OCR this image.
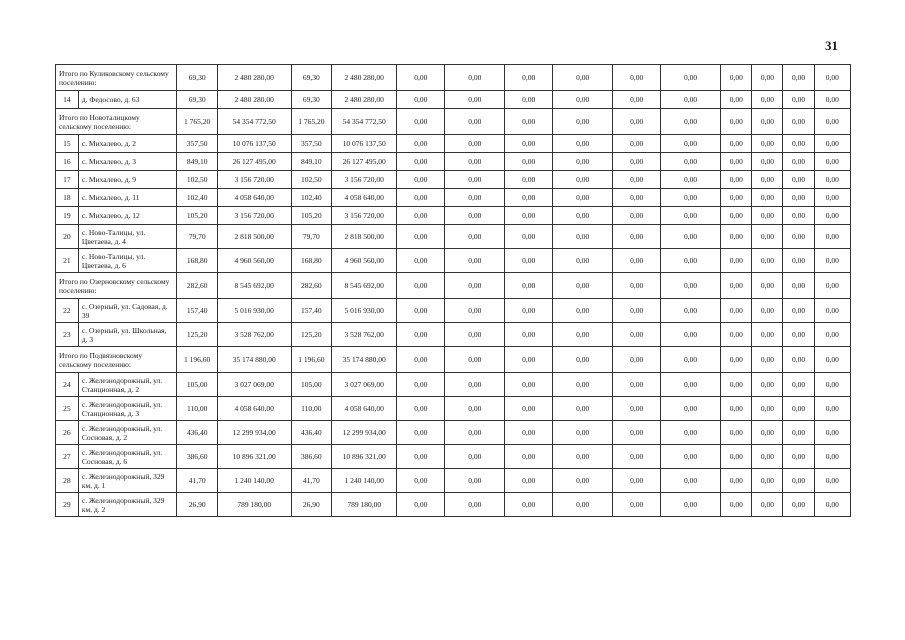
31
Итого по Куликовскому сельскому поселению:		69,30	2 480 280,00	69,30	2 480 280,00	0,00	0,00	0,00	0,00	0,00	0,00	0,00	0,00	0,00	0,00
14	д. Федосово, д. 63	69,30	2 480 280,00	69,30	2 480 280,00	0,00	0,00	0,00	0,00	0,00	0,00	0,00	0,00	0,00	0,00
Итого по Новоталицкому сельскому поселению:		1 765,20	54 354 772,50	1 765,20	54 354 772,50	0,00	0,00	0,00	0,00	0,00	0,00	0,00	0,00	0,00	0,00
15	с. Михалево, д. 2	357,50	10 076 137,50	357,50	10 076 137,50	0,00	0,00	0,00	0,00	0,00	0,00	0,00	0,00	0,00	0,00
16	с. Михалево, д. 3	849,10	26 127 495,00	849,10	26 127 495,00	0,00	0,00	0,00	0,00	0,00	0,00	0,00	0,00	0,00	0,00
17	с. Михалево, д. 9	102,50	3 156 720,00	102,50	3 156 720,00	0,00	0,00	0,00	0,00	0,00	0,00	0,00	0,00	0,00	0,00
18	с. Михалево, д. 11	102,40	4 058 640,00	102,40	4 058 640,00	0,00	0,00	0,00	0,00	0,00	0,00	0,00	0,00	0,00	0,00
19	с. Михалево, д. 12	105,20	3 156 720,00	105,20	3 156 720,00	0,00	0,00	0,00	0,00	0,00	0,00	0,00	0,00	0,00	0,00
20	с. Ново-Талицы, ул. Цветаева, д. 4	79,70	2 818 500,00	79,70	2 818 500,00	0,00	0,00	0,00	0,00	0,00	0,00	0,00	0,00	0,00	0,00
21	с. Ново-Талицы, ул. Цветаева, д. 6	168,80	4 960 560,00	168,80	4 960 560,00	0,00	0,00	0,00	0,00	0,00	0,00	0,00	0,00	0,00	0,00
Итого по Озерновскому сельскому поселению:		282,60	8 545 692,00	282,60	8 545 692,00	0,00	0,00	0,00	0,00	0,00	0,00	0,00	0,00	0,00	0,00
22	с. Озерный, ул. Садовая, д. 39	157,40	5 016 930,00	157,40	5 016 930,00	0,00	0,00	0,00	0,00	0,00	0,00	0,00	0,00	0,00	0,00
23	с. Озерный, ул. Школьная, д. 3	125,20	3 528 762,00	125,20	3 528 762,00	0,00	0,00	0,00	0,00	0,00	0,00	0,00	0,00	0,00	0,00
Итого по Подвязновскому сельскому поселению:		1 196,60	35 174 880,00	1 196,60	35 174 880,00	0,00	0,00	0,00	0,00	0,00	0,00	0,00	0,00	0,00	0,00
24	с. Железнодорожный, ул. Станционная, д. 2	105,00	3 027 069,00	105,00	3 027 069,00	0,00	0,00	0,00	0,00	0,00	0,00	0,00	0,00	0,00	0,00
25	с. Железнодорожный, ул. Станционная, д. 3	110,00	4 058 640,00	110,00	4 058 640,00	0,00	0,00	0,00	0,00	0,00	0,00	0,00	0,00	0,00	0,00
26	с. Железнодорожный, ул. Сосновая, д. 2	436,40	12 299 934,00	436,40	12 299 934,00	0,00	0,00	0,00	0,00	0,00	0,00	0,00	0,00	0,00	0,00
27	с. Железнодорожный, ул. Сосновая, д. 6	386,60	10 896 321,00	386,60	10 896 321,00	0,00	0,00	0,00	0,00	0,00	0,00	0,00	0,00	0,00	0,00
28	с. Железнодорожный, 329 км, д. 1	41,70	1 240 140,00	41,70	1 240 140,00	0,00	0,00	0,00	0,00	0,00	0,00	0,00	0,00	0,00	0,00
29	с. Железнодорожный, 329 км, д. 2	26,90	789 180,00	26,90	789 180,00	0,00	0,00	0,00	0,00	0,00	0,00	0,00	0,00	0,00	0,00
